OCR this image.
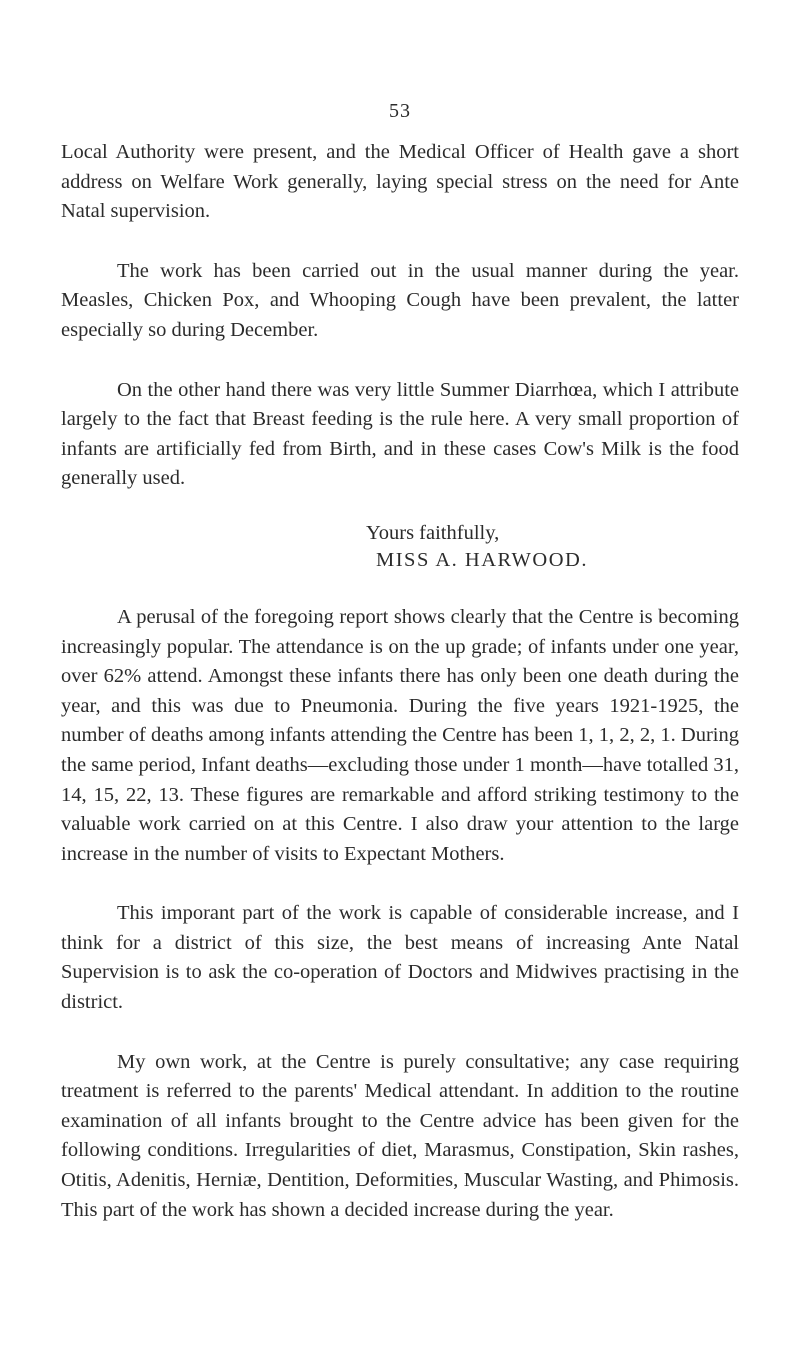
53

Local Authority were present, and the Medical Officer of Health gave a short address on Welfare Work generally, laying special stress on the need for Ante Natal supervision.

The work has been carried out in the usual manner during the year. Measles, Chicken Pox, and Whooping Cough have been prevalent, the latter especially so during December.

On the other hand there was very little Summer Diarrhœa, which I attribute largely to the fact that Breast feeding is the rule here. A very small proportion of infants are artificially fed from Birth, and in these cases Cow's Milk is the food generally used.

Yours faithfully,
MISS A. HARWOOD.

A perusal of the foregoing report shows clearly that the Centre is becoming increasingly popular. The attendance is on the up grade; of infants under one year, over 62% attend. Amongst these infants there has only been one death during the year, and this was due to Pneumonia. During the five years 1921-1925, the number of deaths among infants attending the Centre has been 1, 1, 2, 2, 1. During the same period, Infant deaths—excluding those under 1 month—have totalled 31, 14, 15, 22, 13. These figures are remarkable and afford striking testimony to the valuable work carried on at this Centre. I also draw your attention to the large increase in the number of visits to Expectant Mothers.

This imporant part of the work is capable of considerable increase, and I think for a district of this size, the best means of increasing Ante Natal Supervision is to ask the co-operation of Doctors and Midwives practising in the district.

My own work, at the Centre is purely consultative; any case requiring treatment is referred to the parents' Medical attendant. In addition to the routine examination of all infants brought to the Centre advice has been given for the following conditions. Irregularities of diet, Marasmus, Constipation, Skin rashes, Otitis, Adenitis, Herniæ, Dentition, Deformities, Muscular Wasting, and Phimosis. This part of the work has shown a decided increase during the year.
